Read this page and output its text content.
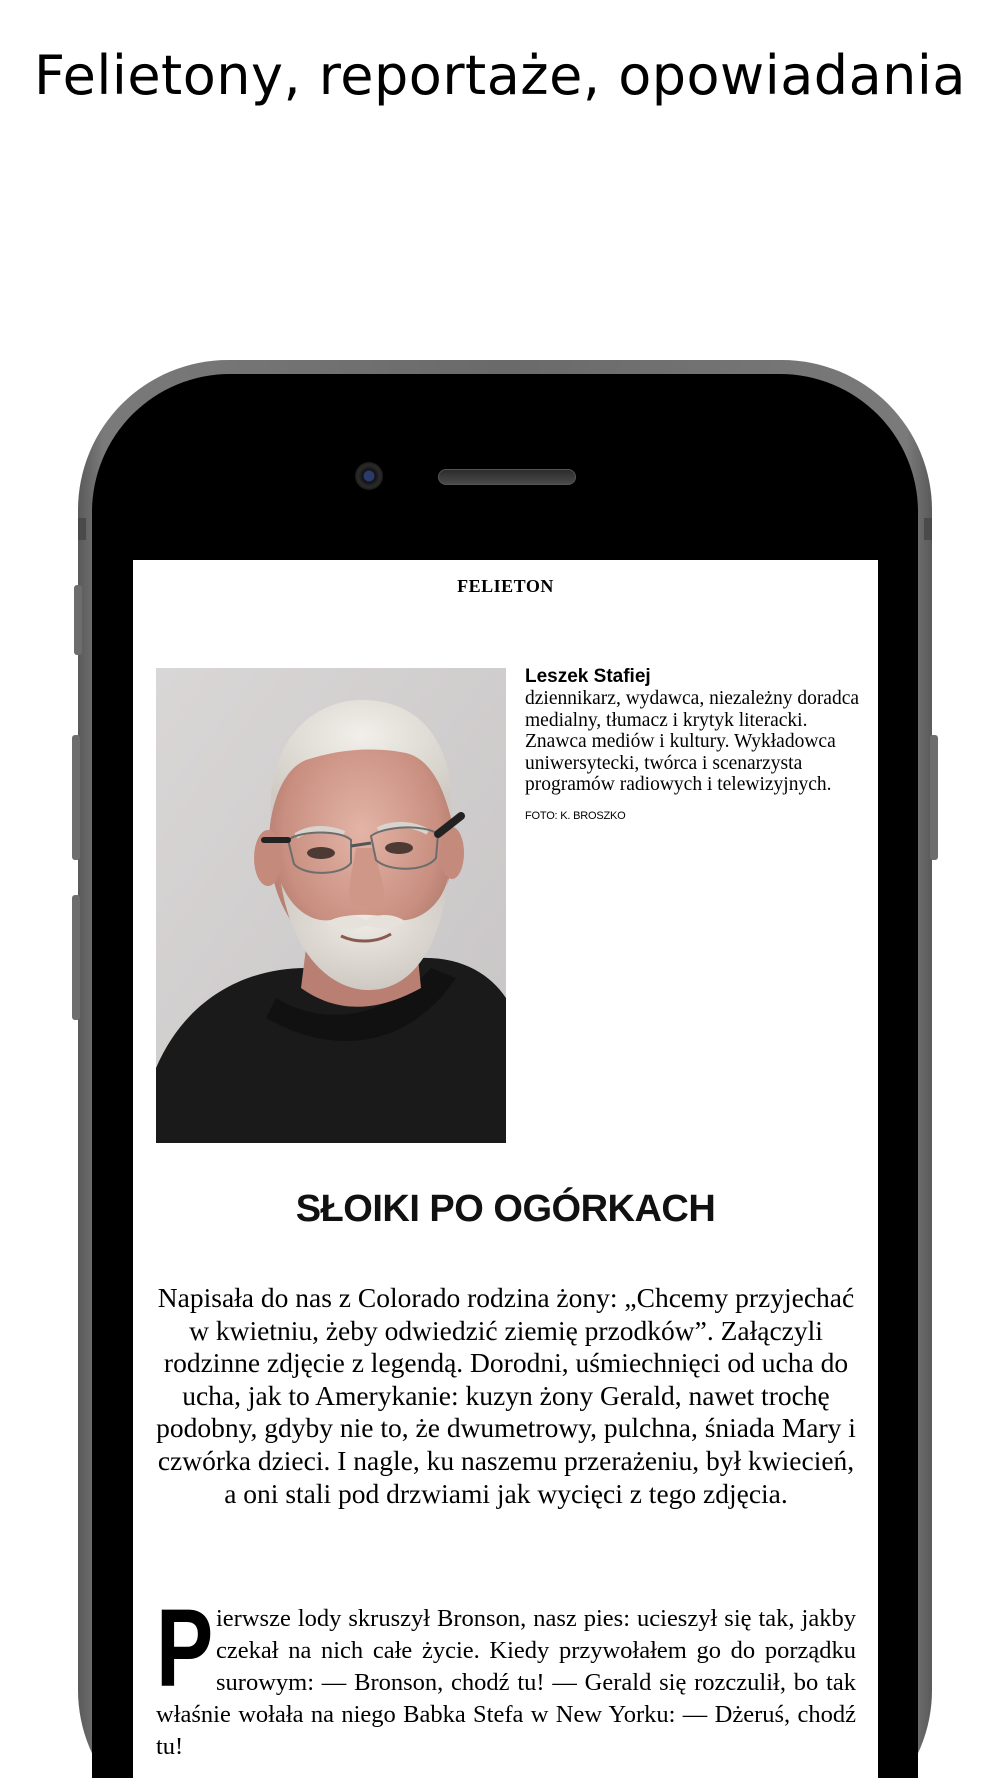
Felietony, reportaże, opowiadania
FELIETON
Leszek Stafiej
dziennikarz, wydawca, niezależny doradca medialny, tłumacz i krytyk literacki. Znawca mediów i kultury. Wykładowca uniwersytecki, twórca i scenarzysta programów radiowych i telewizyjnych.
FOTO: K. BROSZKO
SŁOIKI PO OGÓRKACH
Napisała do nas z Colorado rodzina żony: „Chcemy przyjechać w kwietniu, żeby odwiedzić ziemię przodków”. Załączyli rodzinne zdjęcie z legendą. Dorodni, uśmiechnięci od ucha do ucha, jak to Amerykanie: kuzyn żony Gerald, nawet trochę podobny, gdyby nie to, że dwumetrowy, pulchna, śniada Mary i czwórka dzieci. I nagle, ku naszemu przerażeniu, był kwiecień, a oni stali pod drzwiami jak wycięci z tego zdjęcia.
Pierwsze lody skruszył Bronson, nasz pies: ucieszył się tak, jakby czekał na nich całe życie. Kiedy przywołałem go do porządku surowym: — Bronson, chodź tu! — Gerald się rozczulił, bo tak właśnie wołała na niego Babka Stefa w New Yorku: — Dżeruś, chodź tu!
